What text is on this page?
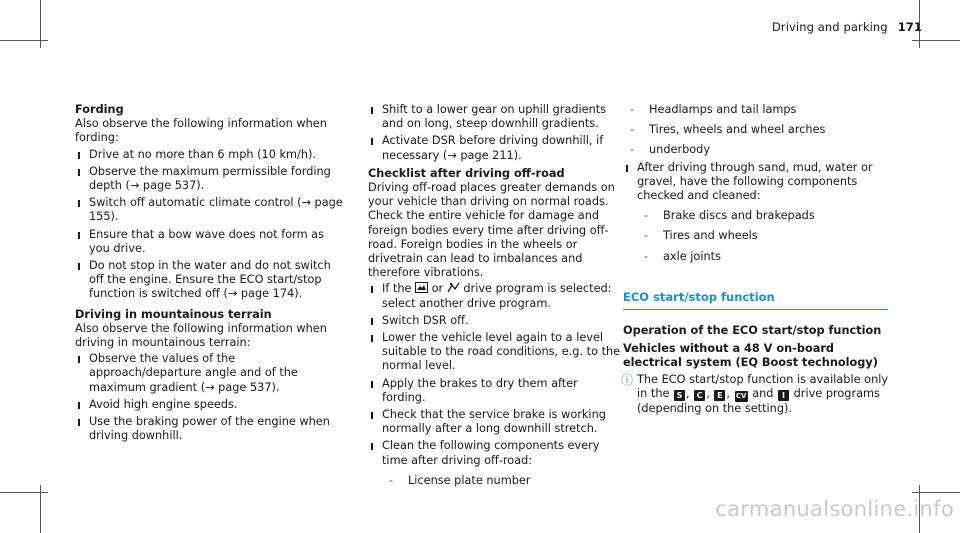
Driving and parking 171

Fording

Also observe the following information when fording:

Drive at no more than 6 mph (10 km/h).
Observe the maximum permissible fording depth (→ page 537).
Switch off automatic climate control (→ page 155).
Ensure that a bow wave does not form as you drive.
Do not stop in the water and do not switch off the engine. Ensure the ECO start/stop function is switched off (→ page 174).

Driving in mountainous terrain

Also observe the following information when driving in mountainous terrain:

Observe the values of the approach/departure angle and of the maximum gradient (→ page 537).
Avoid high engine speeds.
Use the braking power of the engine when driving downhill.
Shift to a lower gear on uphill gradients and on long, steep downhill gradients.
Activate DSR before driving downhill, if necessary (→ page 211).

Checklist after driving off-road

Driving off-road places greater demands on your vehicle than driving on normal roads. Check the entire vehicle for damage and foreign bodies every time after driving off-road. Foreign bodies in the wheels or drivetrain can lead to imbalances and therefore vibrations.

If the or drive program is selected: select another drive program.
Switch DSR off.
Lower the vehicle level again to a level suitable to the road conditions, e.g. to the normal level.
Apply the brakes to dry them after fording.
Check that the service brake is working normally after a long downhill stretch.
Clean the following components every time after driving off-road:
- License plate number
- Headlamps and tail lamps
- Tires, wheels and wheel arches
- underbody
After driving through sand, mud, water or gravel, have the following components checked and cleaned:
- Brake discs and brakepads
- Tires and wheels
- axle joints
ECO start/stop function

Operation of the ECO start/stop function

Vehicles without a 48 V on-board electrical system (EQ Boost technology)

ⓘ The ECO start/stop function is available only in the S , C , E , CV and I drive programs (depending on the setting).
carmanualsonline.info
